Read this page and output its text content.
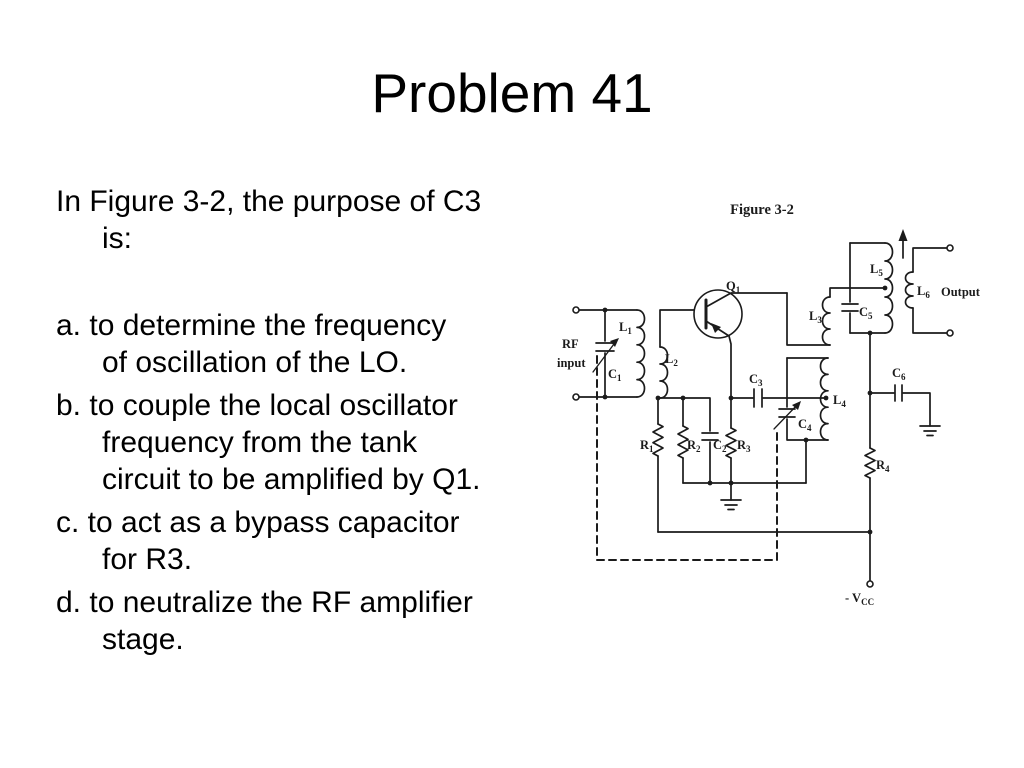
Problem 41

In Figure 3-2, the purpose of C3
is:

a. to determine the frequency
of oscillation of the LO.

b. to couple the local oscillator
frequency from the tank
circuit to be amplified by Q1.

c. to act as a bypass capacitor
for R3.

d. to neutralize the RF amplifier
stage.

Figure 3-2
RF
input
$C_1$
$L_1$
$L_2$
$Q_1$
$R_1$	$R_2$ $C_2$ $R_3$
$C_3$
$C_4$
$L_3$
$L_4$
$C_5$
$L_5$
$L_6$
$C_6$
$R_4$
Output
- $V_{CC}$
